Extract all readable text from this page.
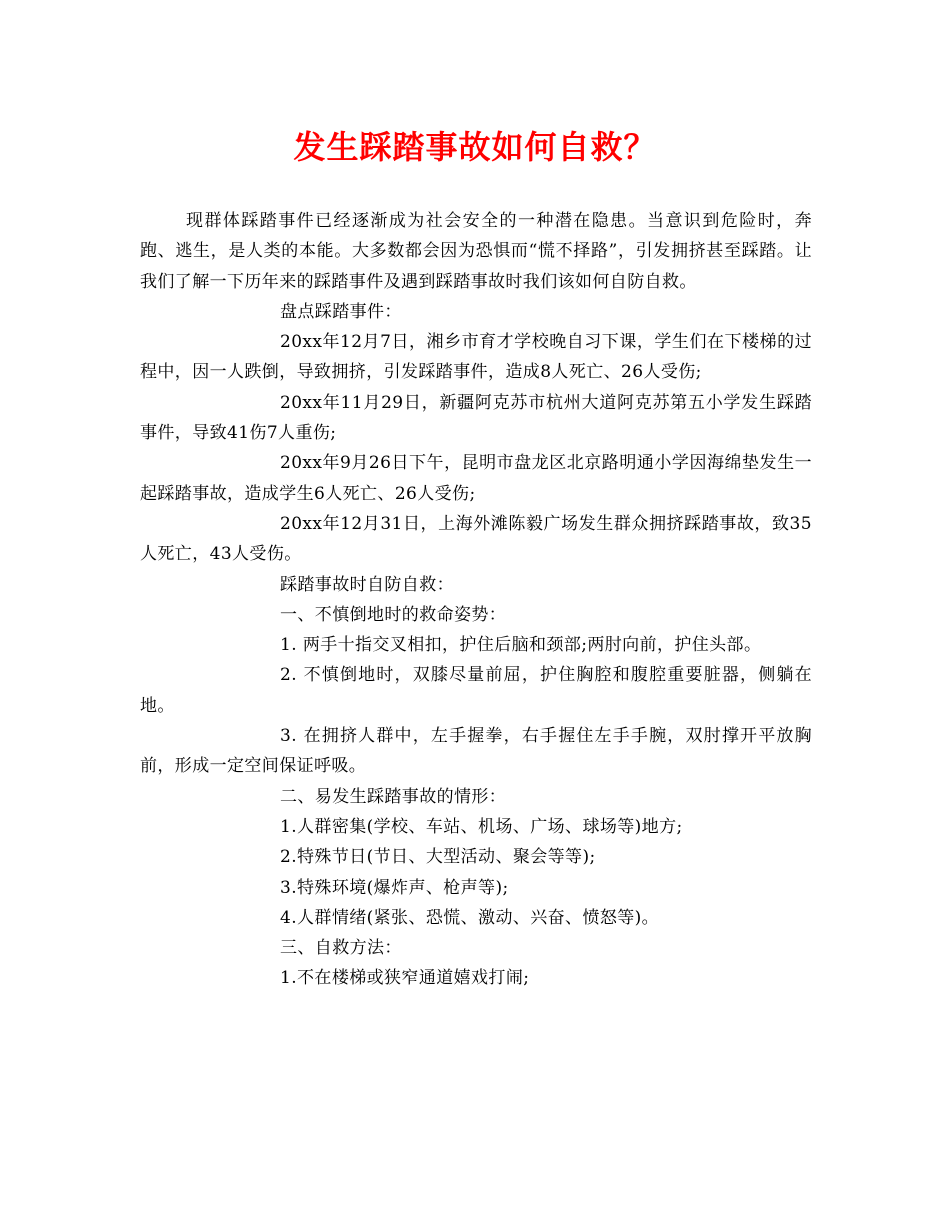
发生踩踏事故如何自救？

现群体踩踏事件已经逐渐成为社会安全的一种潜在隐患。当意识到危险时，奔跑、逃生，是人类的本能。大多数都会因为恐惧而“慌不择路”，引发拥挤甚至踩踏。让我们了解一下历年来的踩踏事件及遇到踩踏事故时我们该如何自防自救。

盘点踩踏事件：

20xx年12月7日，湘乡市育才学校晚自习下课，学生们在下楼梯的过程中，因一人跌倒，导致拥挤，引发踩踏事件，造成8人死亡、26人受伤;

20xx年11月29日，新疆阿克苏市杭州大道阿克苏第五小学发生踩踏事件，导致41伤7人重伤;

20xx年9月26日下午，昆明市盘龙区北京路明通小学因海绵垫发生一起踩踏事故，造成学生6人死亡、26人受伤;

20xx年12月31日，上海外滩陈毅广场发生群众拥挤踩踏事故，致35人死亡，43人受伤。

踩踏事故时自防自救：

一、不慎倒地时的救命姿势：

1. 两手十指交叉相扣，护住后脑和颈部;两肘向前，护住头部。

2. 不慎倒地时，双膝尽量前屈，护住胸腔和腹腔重要脏器，侧躺在地。

3. 在拥挤人群中，左手握拳，右手握住左手手腕，双肘撑开平放胸前，形成一定空间保证呼吸。

二、易发生踩踏事故的情形：

1.人群密集(学校、车站、机场、广场、球场等)地方;

2.特殊节日(节日、大型活动、聚会等等);

3.特殊环境(爆炸声、枪声等);

4.人群情绪(紧张、恐慌、激动、兴奋、愤怒等)。

三、自救方法：

1.不在楼梯或狭窄通道嬉戏打闹;
